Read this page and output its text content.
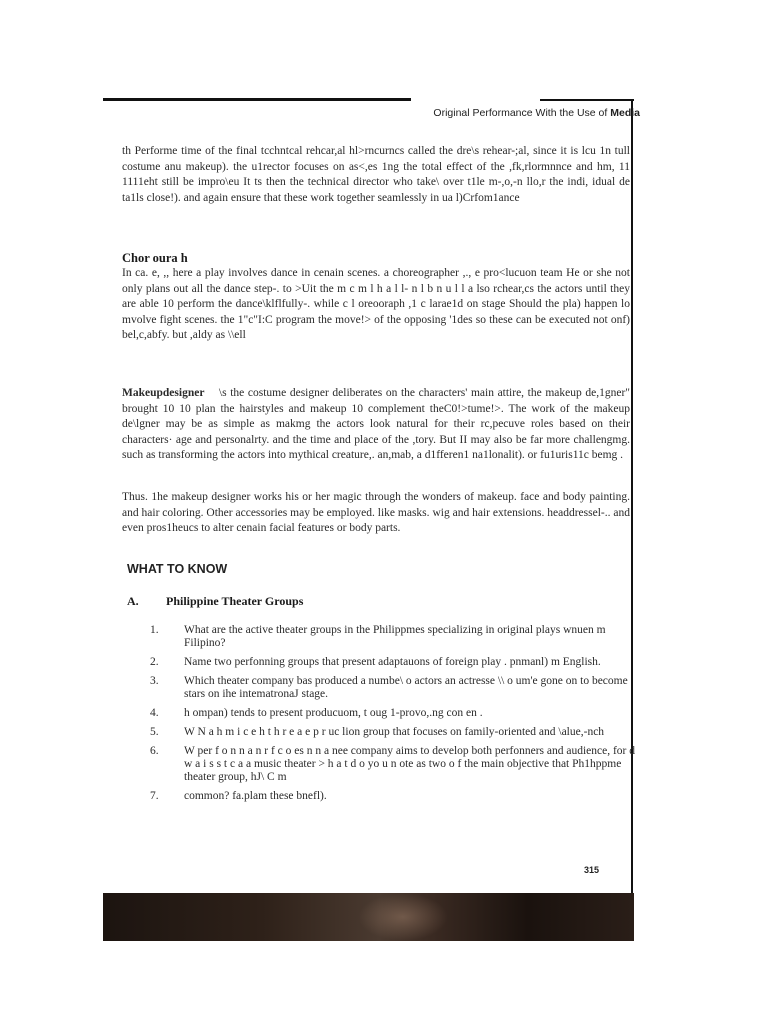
Original Performance With the Use of Media

th Performe time of the final tcchntcal rehcar,al hl>rncurncs called the dre\s rehear-;al, since it is lcu 1n tull costume anu makeup). the u1rector focuses on as<,es 1ng the total effect of the ,fk,rlormnnce and hm, 11 1111eht still be impro\eu It ts then the technical director who take\ over t1le m-,o,-n llo,r the indi, idual de ta1ls close!). and again ensure that these work together seamlessly in ua l)Crfom1ance

Chor oura h

In ca. e, ,, here a play involves dance in cenain scenes. a choreographer ,., e pro<lucuon team He or she not only plans out all the dance step-. to >Uit the m c m l h a l l- n l b n u l l a lso rchear,cs the actors until they are able 10 perform the dance\klflfully-. while c l oreooraph ,1 c larae1d on stage Should the pla) happen lo mvolve fight scenes. the 1"c"I:C program the move!> of the opposing '1des so these can be executed not onf) bel,c,abfy. but ,aldy as \\ell

Makeupdesigner \s the costume designer deliberates on the characters' main attire, the makeup de,1gner" brought 10 10 plan the hairstyles and makeup 10 complement theC0!>tume!>. The work of the makeup de\lgner may be as simple as makmg the actors look natural for their rc,pecuve roles based on their characters· age and personalrty. and the time and place of the ,tory. But II may also be far more challengmg. such as transforming the actors into mythical creature,. an,mab, a d1fferen1 na1lonalit). or fu1uris11c bemg .

Thus. 1he makeup designer works his or her magic through the wonders of makeup. face and body painting. and hair coloring. Other accessories may be employed. like masks. wig and hair extensions. headdressel-.. and even pros1heucs to alter cenain facial features or body parts.

WHAT TO KNOW
A. Philippine Theater Groups
1.	What are the active theater groups in the Philippmes specializing in original plays wnuen m Filipino?
2.	Name two perfonning groups that present adaptauons of foreign play . pnmanl) m English.
3.	Which theater company bas produced a numbe\ o actors an actresse \\ o um'e gone on to become stars on ihe intematronaJ stage.
4.	h ompan) tends to present producuom, t oug 1-provo,.ng con en .
5.	W N a h m i c e h t h r e a e p r uc lion group that focuses on family-oriented and \alue,-nch
6.	W per f o n n a n r f c o es n n a nee company aims to develop both perfonners and audience, for d w a i s s t c a a music theater > h a t d o yo u n ote as two o f the main objective that Ph1hppme theater group, hJ\ C m
7.	common? fa.plam these bnefl).
315
